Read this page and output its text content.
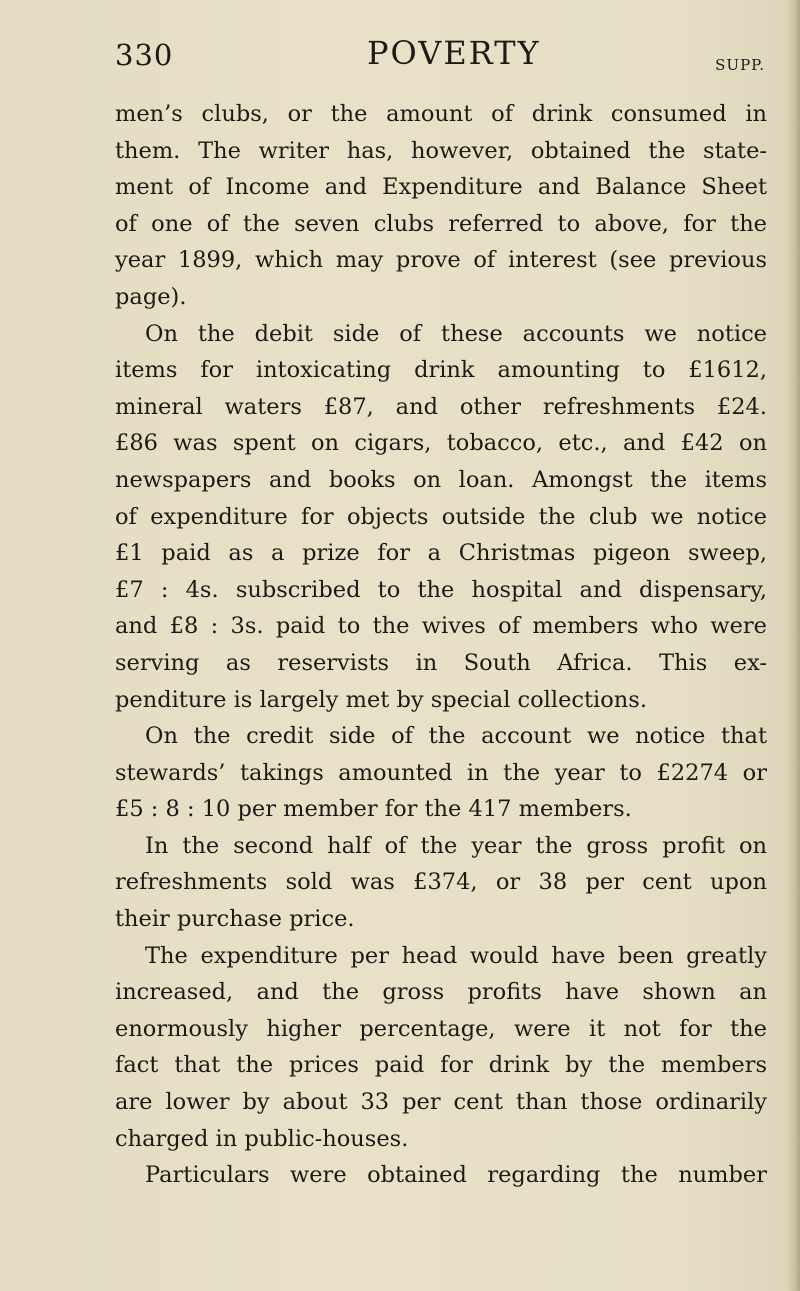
330	POVERTY	SUPP.
men’s clubs, or the amount of drink consumed in
them. The writer has, however, obtained the state-
ment of Income and Expenditure and Balance Sheet
of one of the seven clubs referred to above, for the
year 1899, which may prove of interest (see previous
page).
On the debit side of these accounts we notice
items for intoxicating drink amounting to £1612,
mineral waters £87, and other refreshments £24.
£86 was spent on cigars, tobacco, etc., and £42 on
newspapers and books on loan. Amongst the items
of expenditure for objects outside the club we notice
£1 paid as a prize for a Christmas pigeon sweep,
£7 : 4s. subscribed to the hospital and dispensary,
and £8 : 3s. paid to the wives of members who were
serving as reservists in South Africa. This ex-
penditure is largely met by special collections.
On the credit side of the account we notice that
stewards’ takings amounted in the year to £2274 or
£5 : 8 : 10 per member for the 417 members.
In the second half of the year the gross profit on
refreshments sold was £374, or 38 per cent upon
their purchase price.
The expenditure per head would have been greatly
increased, and the gross profits have shown an
enormously higher percentage, were it not for the
fact that the prices paid for drink by the members
are lower by about 33 per cent than those ordinarily
charged in public-houses.
Particulars were obtained regarding the number
